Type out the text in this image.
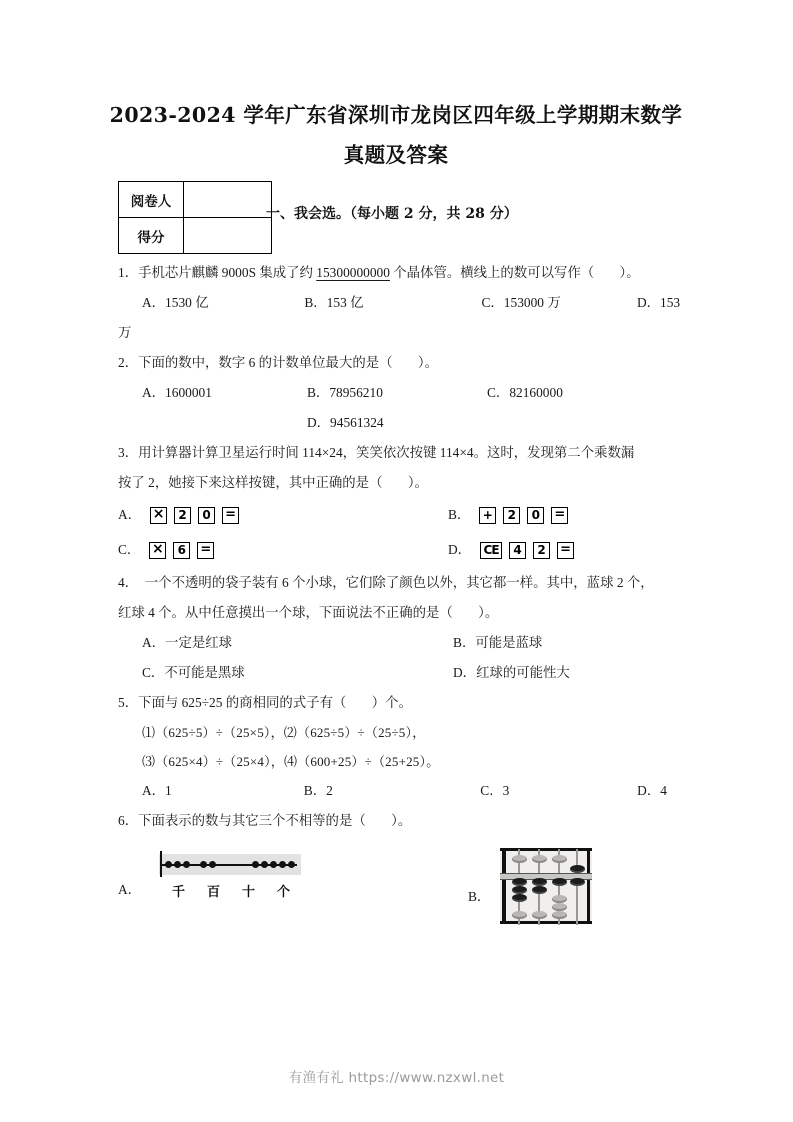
2023-2024 学年广东省深圳市龙岗区四年级上学期期末数学
真题及答案
阅卷人	
得分	
一、我会选。（每小题 2 分，共 28 分）
1．手机芯片麒麟 9000S 集成了约 15300000000 个晶体管。横线上的数可以写作（ ）。
A．1530 亿	B．153 亿	C．153000 万	D．153
万
2．下面的数中，数字 6 的计数单位最大的是（ ）。
A．1600001	B．78956210	C．82160000
D．94561324
3．用计算器计算卫星运行时间 114×24，笑笑依次按键 114×4。这时，发现第二个乘数漏
按了 2，她接下来这样按键，其中正确的是（ ）。
A． ×	2	0	=	B．	+	2	0	=
C． ×	6	=	D．	CE	4	2	=
4． 一个不透明的袋子装有 6 个小球，它们除了颜色以外，其它都一样。其中，蓝球 2 个，
红球 4 个。从中任意摸出一个球，下面说法不正确的是（ ）。
A．一定是红球	B．可能是蓝球
C．不可能是黑球	D．红球的可能性大
5．下面与 625÷25 的商相同的式子有（ ）个。
⑴（625÷5）÷（25×5），⑵（625÷5）÷（25÷5），
⑶（625×4）÷（25×4），⑷（600+25）÷（25+25）。
A．1	B．2	C．3	D．4
6．下面表示的数与其它三个不相等的是（ ）。
A．	千 百 十 个	B．
有渔有礼 https://www.nzxwl.net
